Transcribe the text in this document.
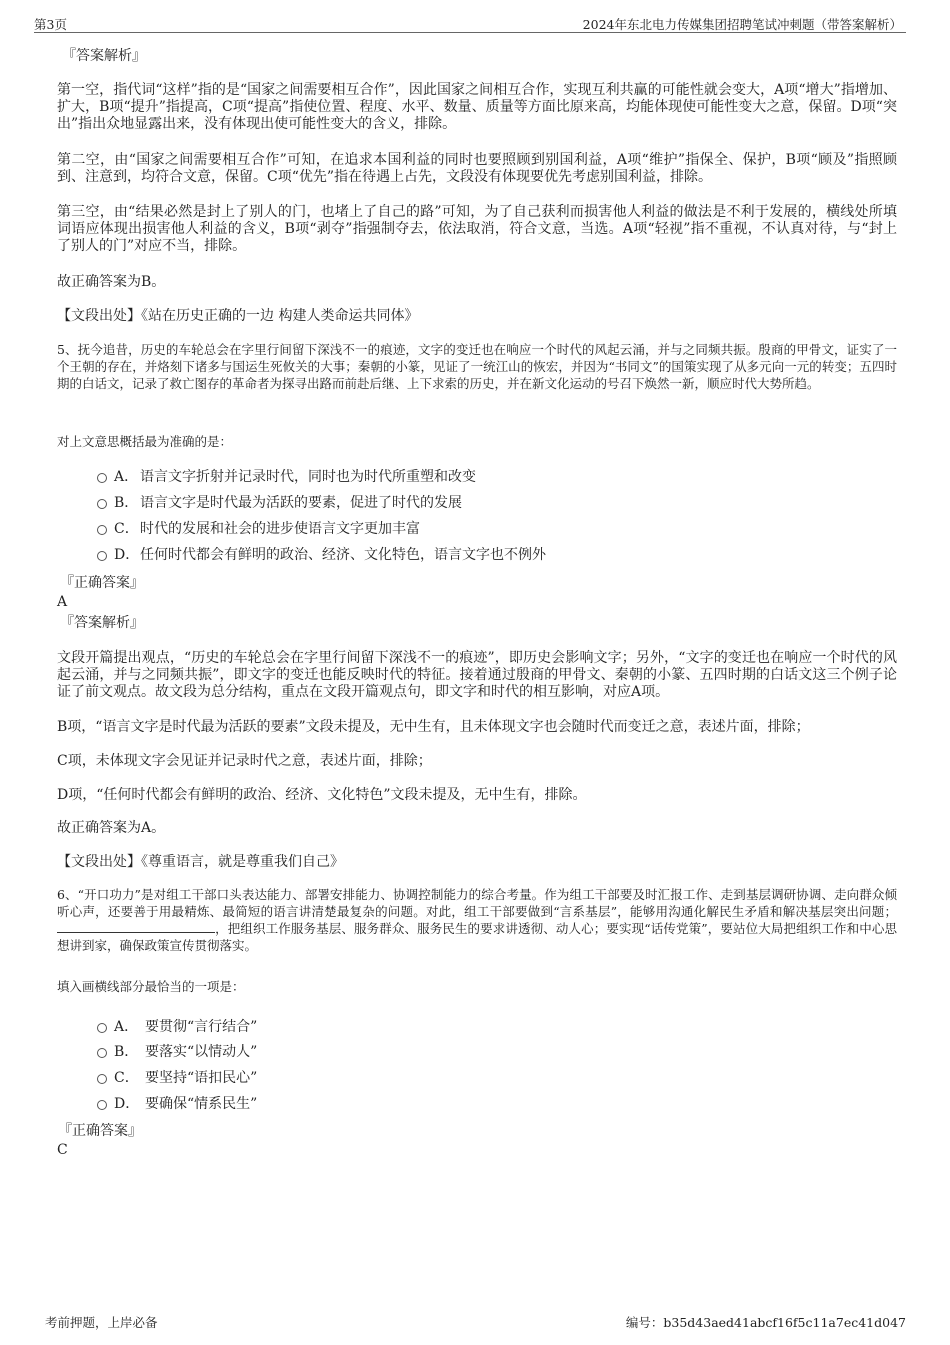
第3页	2024年东北电力传媒集团招聘笔试冲刺题（带答案解析）
『答案解析』

第一空，指代词“这样”指的是“国家之间需要相互合作”，因此国家之间相互合作，实现互利共赢的可能性就会变大，A项“增大”指增加、扩大，B项“提升”指提高，C项“提高”指使位置、程度、水平、数量、质量等方面比原来高，均能体现使可能性变大之意，保留。D项“突出”指出众地显露出来，没有体现出使可能性变大的含义，排除。

第二空，由“国家之间需要相互合作”可知，在追求本国利益的同时也要照顾到别国利益，A项“维护”指保全、保护，B项“顾及”指照顾到、注意到，均符合文意，保留。C项“优先”指在待遇上占先，文段没有体现要优先考虑别国利益，排除。

第三空，由“结果必然是封上了别人的门，也堵上了自己的路”可知，为了自己获利而损害他人利益的做法是不利于发展的，横线处所填词语应体现出损害他人利益的含义，B项“剥夺”指强制夺去，依法取消，符合文意，当选。A项“轻视”指不重视，不认真对待，与“封上了别人的门”对应不当，排除。

故正确答案为B。

【文段出处】《站在历史正确的一边 构建人类命运共同体》

5、抚今追昔，历史的车轮总会在字里行间留下深浅不一的痕迹，文字的变迁也在响应一个时代的风起云涌，并与之同频共振。殷商的甲骨文，证实了一个王朝的存在，并烙刻下诸多与国运生死攸关的大事；秦朝的小篆，见证了一统江山的恢宏，并因为“书同文”的国策实现了从多元向一元的转变；五四时期的白话文，记录了救亡图存的革命者为探寻出路而前赴后继、上下求索的历史，并在新文化运动的号召下焕然一新，顺应时代大势所趋。

对上文意思概括最为准确的是：

A． 语言文字折射并记录时代，同时也为时代所重塑和改变
B． 语言文字是时代最为活跃的要素，促进了时代的发展
C． 时代的发展和社会的进步使语言文字更加丰富
D． 任何时代都会有鲜明的政治、经济、文化特色，语言文字也不例外
『正确答案』
A
『答案解析』

文段开篇提出观点，“历史的车轮总会在字里行间留下深浅不一的痕迹”，即历史会影响文字；另外，“文字的变迁也在响应一个时代的风起云涌，并与之同频共振”，即文字的变迁也能反映时代的特征。接着通过殷商的甲骨文、秦朝的小篆、五四时期的白话文这三个例子论证了前文观点。故文段为总分结构，重点在文段开篇观点句，即文字和时代的相互影响，对应A项。

B项，“语言文字是时代最为活跃的要素”文段未提及，无中生有，且未体现文字也会随时代而变迁之意，表述片面，排除；

C项，未体现文字会见证并记录时代之意，表述片面，排除；

D项，“任何时代都会有鲜明的政治、经济、文化特色”文段未提及，无中生有，排除。

故正确答案为A。

【文段出处】《尊重语言，就是尊重我们自己》

6、“开口功力”是对组工干部口头表达能力、部署安排能力、协调控制能力的综合考量。作为组工干部要及时汇报工作、走到基层调研协调、走向群众倾听心声，还要善于用最精炼、最简短的语言讲清楚最复杂的问题。对此，组工干部要做到“言系基层”，能够用沟通化解民生矛盾和解决基层突出问题；，把组织工作服务基层、服务群众、服务民生的要求讲透彻、动人心；要实现“话传党策”，要站位大局把组织工作和中心思想讲到家，确保政策宣传贯彻落实。

填入画横线部分最恰当的一项是：

A． 要贯彻“言行结合”
B． 要落实“以情动人”
C． 要坚持“语扣民心”
D． 要确保“情系民生”
『正确答案』
C
考前押题，上岸必备	编号：b35d43aed41abcf16f5c11a7ec41d047
